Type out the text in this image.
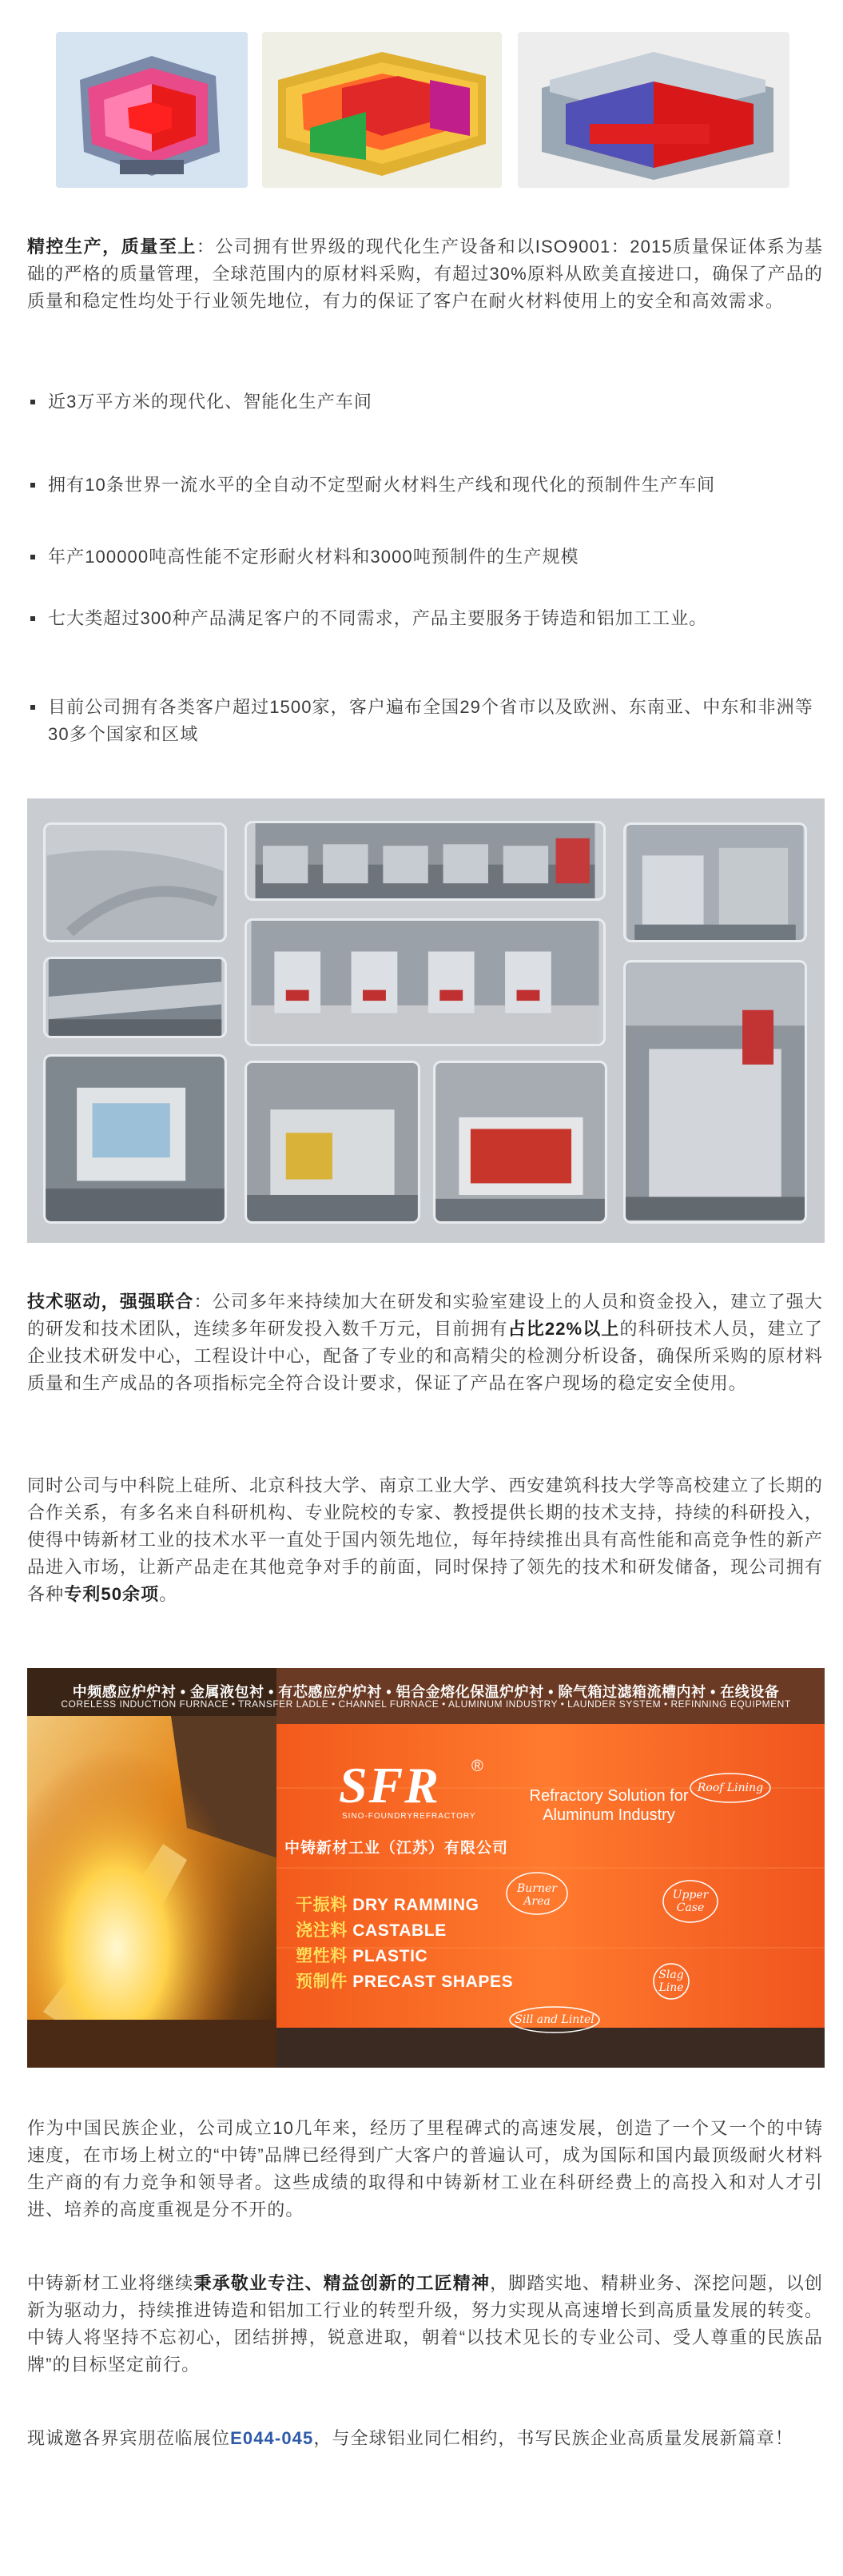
精控生产，质量至上：公司拥有世界级的现代化生产设备和以ISO9001：2015质量保证体系为基础的严格的质量管理，全球范围内的原材料采购，有超过30%原料从欧美直接进口，确保了产品的质量和稳定性均处于行业领先地位，有力的保证了客户在耐火材料使用上的安全和高效需求。

近3万平方米的现代化、智能化生产车间

拥有10条世界一流水平的全自动不定型耐火材料生产线和现代化的预制件生产车间

年产100000吨高性能不定形耐火材料和3000吨预制件的生产规模

七大类超过300种产品满足客户的不同需求，产品主要服务于铸造和铝加工工业。

目前公司拥有各类客户超过1500家，客户遍布全国29个省市以及欧洲、东南亚、中东和非洲等30多个国家和区域

技术驱动，强强联合：公司多年来持续加大在研发和实验室建设上的人员和资金投入，建立了强大的研发和技术团队，连续多年研发投入数千万元，目前拥有占比22%以上的科研技术人员，建立了企业技术研发中心，工程设计中心，配备了专业的和高精尖的检测分析设备，确保所采购的原材料质量和生产成品的各项指标完全符合设计要求，保证了产品在客户现场的稳定安全使用。

同时公司与中科院上硅所、北京科技大学、南京工业大学、西安建筑科技大学等高校建立了长期的合作关系，有多名来自科研机构、专业院校的专家、教授提供长期的技术支持，持续的科研投入，使得中铸新材工业的技术水平一直处于国内领先地位，每年持续推出具有高性能和高竞争性的新产品进入市场，让新产品走在其他竞争对手的前面，同时保持了领先的技术和研发储备，现公司拥有各种专利50余项。

中频感应炉炉衬 • 金属液包衬 • 有芯感应炉炉衬 • 铝合金熔化保温炉炉衬 • 除气箱过滤箱流槽内衬 • 在线设备
CORELESS INDUCTION FURNACE • TRANSFER LADLE • CHANNEL FURNACE • ALUMINUM INDUSTRY • LAUNDER SYSTEM • REFINNING EQUIPMENT
SFR ®
SINO-FOUNDRYREFRACTORY
Refractory Solution for Aluminum Industry
中铸新材工业（江苏）有限公司
干振料 DRY RAMMING
浇注料 CASTABLE
塑性料 PLASTIC
预制件 PRECAST SHAPES
Roof Lining
Burner Area	Upper Case
Slag Line
Sill and Lintel

作为中国民族企业，公司成立10几年来，经历了里程碑式的高速发展，创造了一个又一个的中铸速度，在市场上树立的“中铸”品牌已经得到广大客户的普遍认可，成为国际和国内最顶级耐火材料生产商的有力竞争和领导者。这些成绩的取得和中铸新材工业在科研经费上的高投入和对人才引进、培养的高度重视是分不开的。

中铸新材工业将继续秉承敬业专注、精益创新的工匠精神，脚踏实地、精耕业务、深挖问题，以创新为驱动力，持续推进铸造和铝加工行业的转型升级，努力实现从高速增长到高质量发展的转变。中铸人将坚持不忘初心，团结拼搏，锐意进取，朝着“以技术见长的专业公司、受人尊重的民族品牌”的目标坚定前行。

现诚邀各界宾朋莅临展位E044-045，与全球铝业同仁相约，书写民族企业高质量发展新篇章！
